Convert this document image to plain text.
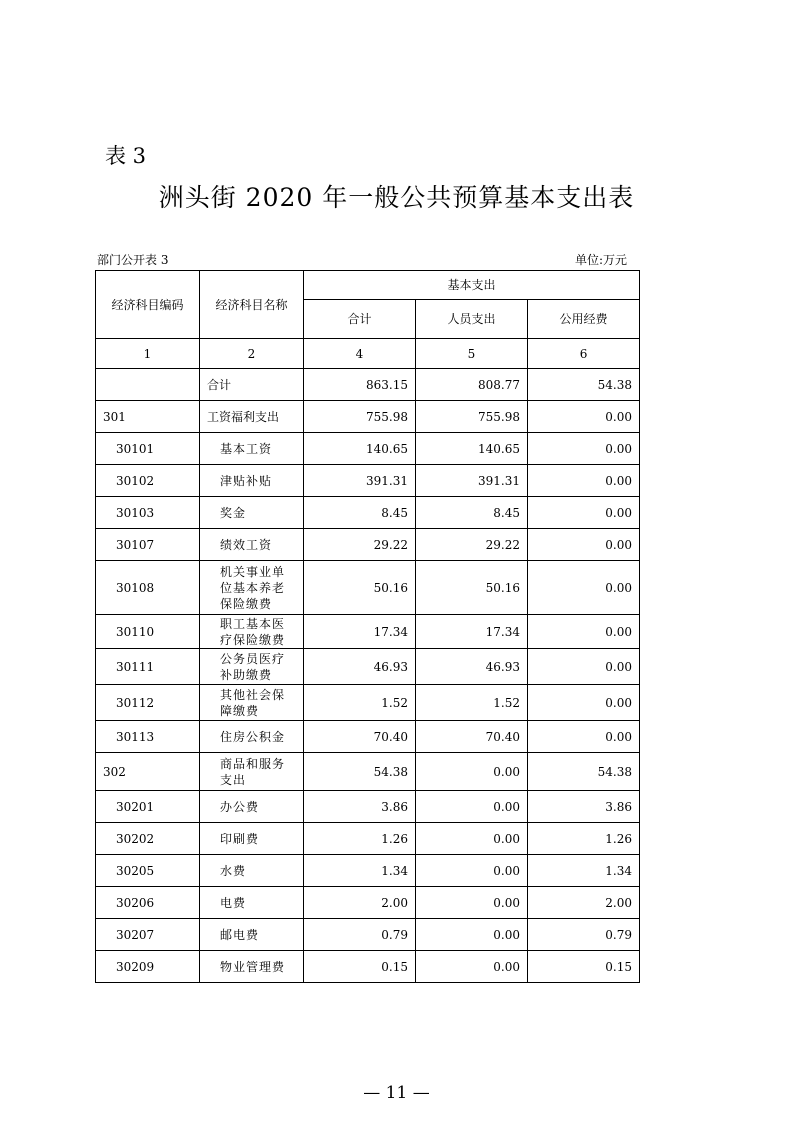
表 3
洲头街 2020 年一般公共预算基本支出表
部门公开表 3	单位:万元
经济科目编码	经济科目名称	基本支出		
		合计	人员支出	公用经费
1	2	4	5	6
	合计	863.15	808.77	54.38
301	工资福利支出	755.98	755.98	0.00
30101	基本工资	140.65	140.65	0.00
30102	津贴补贴	391.31	391.31	0.00
30103	奖金	8.45	8.45	0.00
30107	绩效工资	29.22	29.22	0.00
30108	机关事业单位基本养老保险缴费	50.16	50.16	0.00
30110	职工基本医疗保险缴费	17.34	17.34	0.00
30111	公务员医疗补助缴费	46.93	46.93	0.00
30112	其他社会保障缴费	1.52	1.52	0.00
30113	住房公积金	70.40	70.40	0.00
302	商品和服务支出	54.38	0.00	54.38
30201	办公费	3.86	0.00	3.86
30202	印刷费	1.26	0.00	1.26
30205	水费	1.34	0.00	1.34
30206	电费	2.00	0.00	2.00
30207	邮电费	0.79	0.00	0.79
30209	物业管理费	0.15	0.00	0.15
— 11 —
